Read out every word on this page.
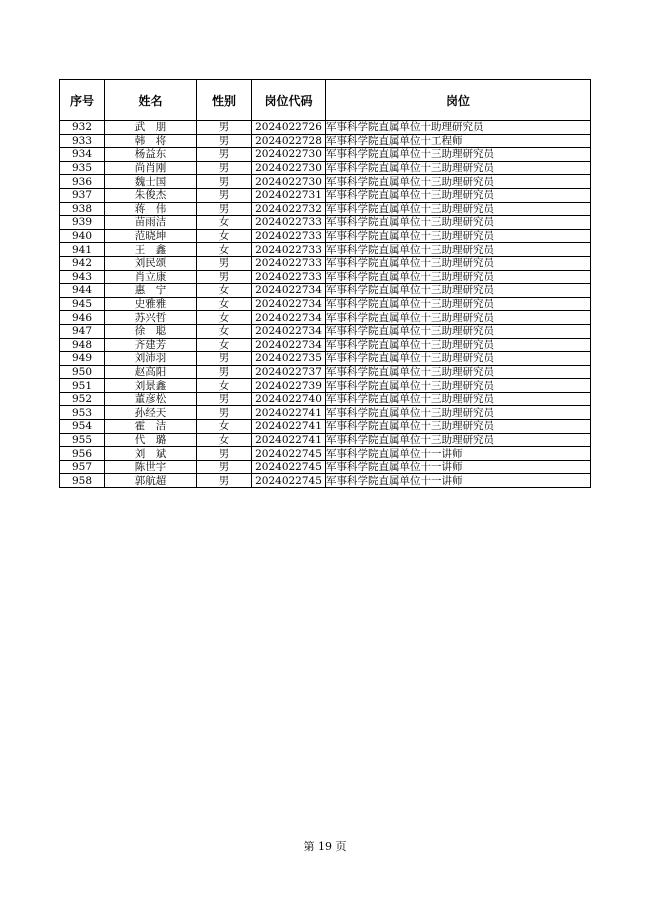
序号	姓名	性别	岗位代码	岗位
932	武　朋	男	2024022726	军事科学院直属单位十助理研究员
933	韩　将	男	2024022728	军事科学院直属单位十工程师
934	杨益东	男	2024022730	军事科学院直属单位十三助理研究员
935	尚肖刚	男	2024022730	军事科学院直属单位十三助理研究员
936	魏士国	男	2024022730	军事科学院直属单位十三助理研究员
937	朱俊杰	男	2024022731	军事科学院直属单位十三助理研究员
938	蒋　伟	男	2024022732	军事科学院直属单位十三助理研究员
939	苗雨洁	女	2024022733	军事科学院直属单位十三助理研究员
940	范晓坤	女	2024022733	军事科学院直属单位十三助理研究员
941	王　鑫	女	2024022733	军事科学院直属单位十三助理研究员
942	刘民颂	男	2024022733	军事科学院直属单位十三助理研究员
943	肖立康	男	2024022733	军事科学院直属单位十三助理研究员
944	惠　宁	女	2024022734	军事科学院直属单位十三助理研究员
945	史雅雅	女	2024022734	军事科学院直属单位十三助理研究员
946	苏兴哲	女	2024022734	军事科学院直属单位十三助理研究员
947	徐　聪	女	2024022734	军事科学院直属单位十三助理研究员
948	齐建芳	女	2024022734	军事科学院直属单位十三助理研究员
949	刘沛羽	男	2024022735	军事科学院直属单位十三助理研究员
950	赵高阳	男	2024022737	军事科学院直属单位十三助理研究员
951	刘景鑫	女	2024022739	军事科学院直属单位十三助理研究员
952	董彦松	男	2024022740	军事科学院直属单位十三助理研究员
953	孙经天	男	2024022741	军事科学院直属单位十三助理研究员
954	霍　洁	女	2024022741	军事科学院直属单位十三助理研究员
955	代　璐	女	2024022741	军事科学院直属单位十三助理研究员
956	刘　斌	男	2024022745	军事科学院直属单位十一讲师
957	陈世宇	男	2024022745	军事科学院直属单位十一讲师
958	郭航超	男	2024022745	军事科学院直属单位十一讲师
第 19 页
